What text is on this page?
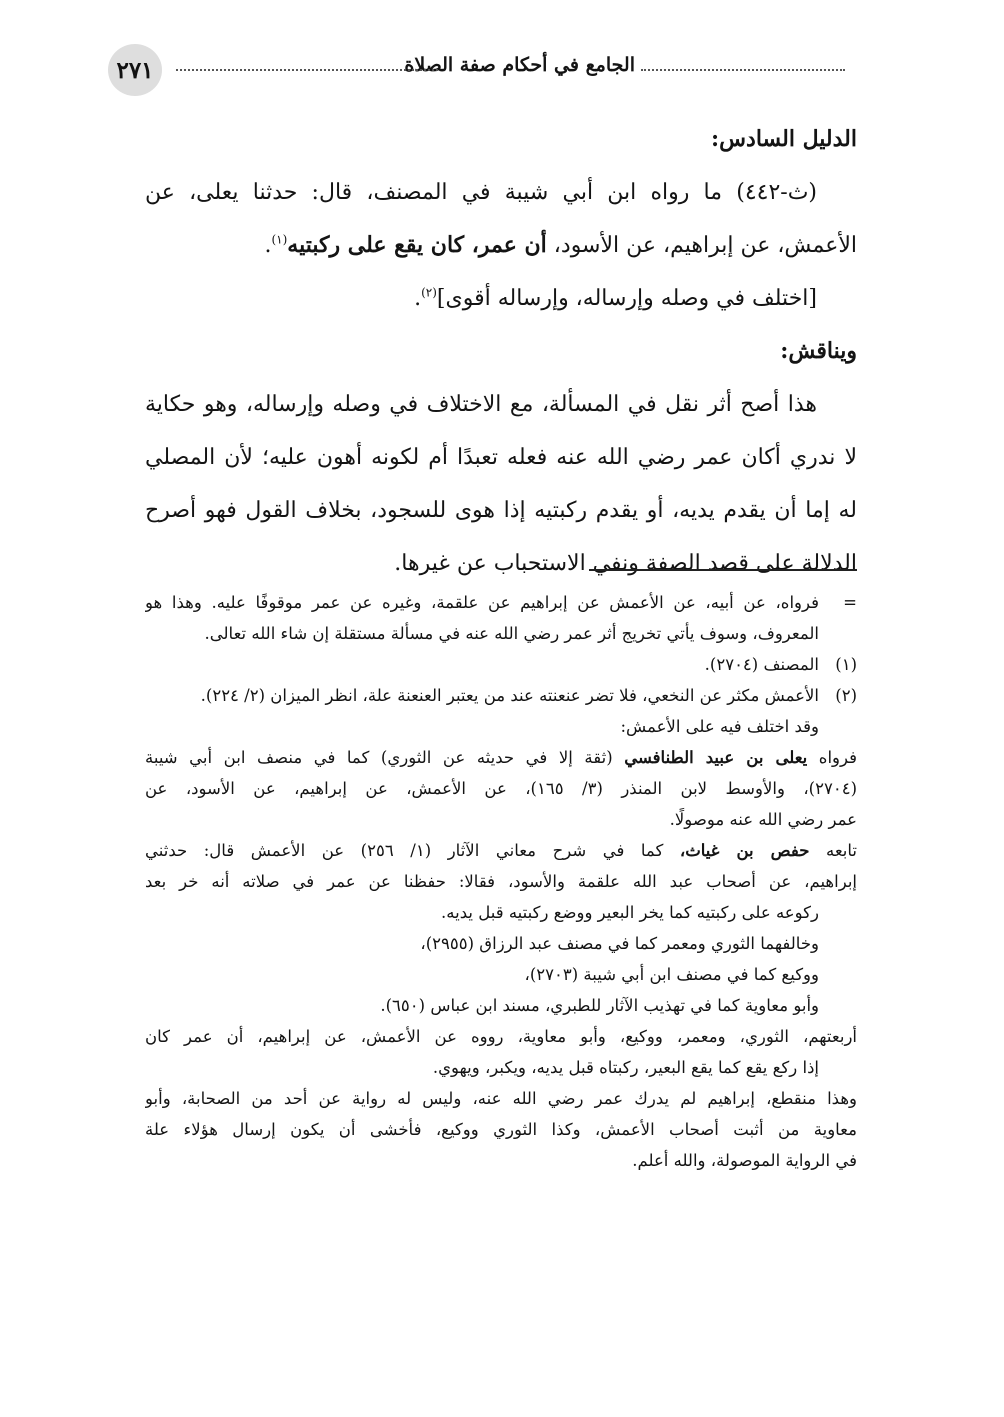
٢٧١	الجامع في أحكام صفة الصلاة

الدليل السادس:

(ث-٤٤٢) ما رواه ابن أبي شيبة في المصنف، قال: حدثنا يعلى، عن

الأعمش، عن إبراهيم، عن الأسود، أن عمر، كان يقع على ركبتيه$^{(١)}$.

[اختلف في وصله وإرساله، وإرساله أقوى]$^{(٢)}$.

ويناقش:

هذا أصح أثر نقل في المسألة، مع الاختلاف في وصله وإرساله، وهو حكاية

لا ندري أكان عمر رضي الله عنه فعله تعبدًا أم لكونه أهون عليه؛ لأن المصلي

له إما أن يقدم يديه، أو يقدم ركبتيه إذا هوى للسجود، بخلاف القول فهو أصرح

الدلالة على قصد الصفة ونفي الاستحباب عن غيرها.

=
فرواه، عن أبيه، عن الأعمش عن إبراهيم عن علقمة، وغيره عن عمر موقوفًا عليه. وهذا هو

المعروف، وسوف يأتي تخريج أثر عمر رضي الله عنه في مسألة مستقلة إن شاء الله تعالى.

(١)
المصنف (٢٧٠٤).

(٢)
الأعمش مكثر عن النخعي، فلا تضر عنعنته عند من يعتبر العنعنة علة، انظر الميزان (٢/ ٢٢٤).

وقد اختلف فيه على الأعمش:

فرواه يعلى بن عبيد الطنافسي (ثقة إلا في حديثه عن الثوري) كما في منصف ابن أبي شيبة

(٢٧٠٤)، والأوسط لابن المنذر (٣/ ١٦٥)، عن الأعمش، عن إبراهيم، عن الأسود، عن

عمر رضي الله عنه موصولًا.

تابعه حفص بن غياث، كما في شرح معاني الآثار (١/ ٢٥٦) عن الأعمش قال: حدثني

إبراهيم، عن أصحاب عبد الله علقمة والأسود، فقالا: حفظنا عن عمر في صلاته أنه خر بعد

ركوعه على ركبتيه كما يخر البعير ووضع ركبتيه قبل يديه.

وخالفهما الثوري ومعمر كما في مصنف عبد الرزاق (٢٩٥٥)،

ووكيع كما في مصنف ابن أبي شيبة (٢٧٠٣)،

وأبو معاوية كما في تهذيب الآثار للطبري، مسند ابن عباس (٦٥٠).

أربعتهم، الثوري، ومعمر، ووكيع، وأبو معاوية، رووه عن الأعمش، عن إبراهيم، أن عمر كان

إذا ركع يقع كما يقع البعير، ركبتاه قبل يديه، ويكبر، ويهوي.

وهذا منقطع، إبراهيم لم يدرك عمر رضي الله عنه، وليس له رواية عن أحد من الصحابة، وأبو

معاوية من أثبت أصحاب الأعمش، وكذا الثوري ووكيع، فأخشى أن يكون إرسال هؤلاء علة

في الرواية الموصولة، والله أعلم.
